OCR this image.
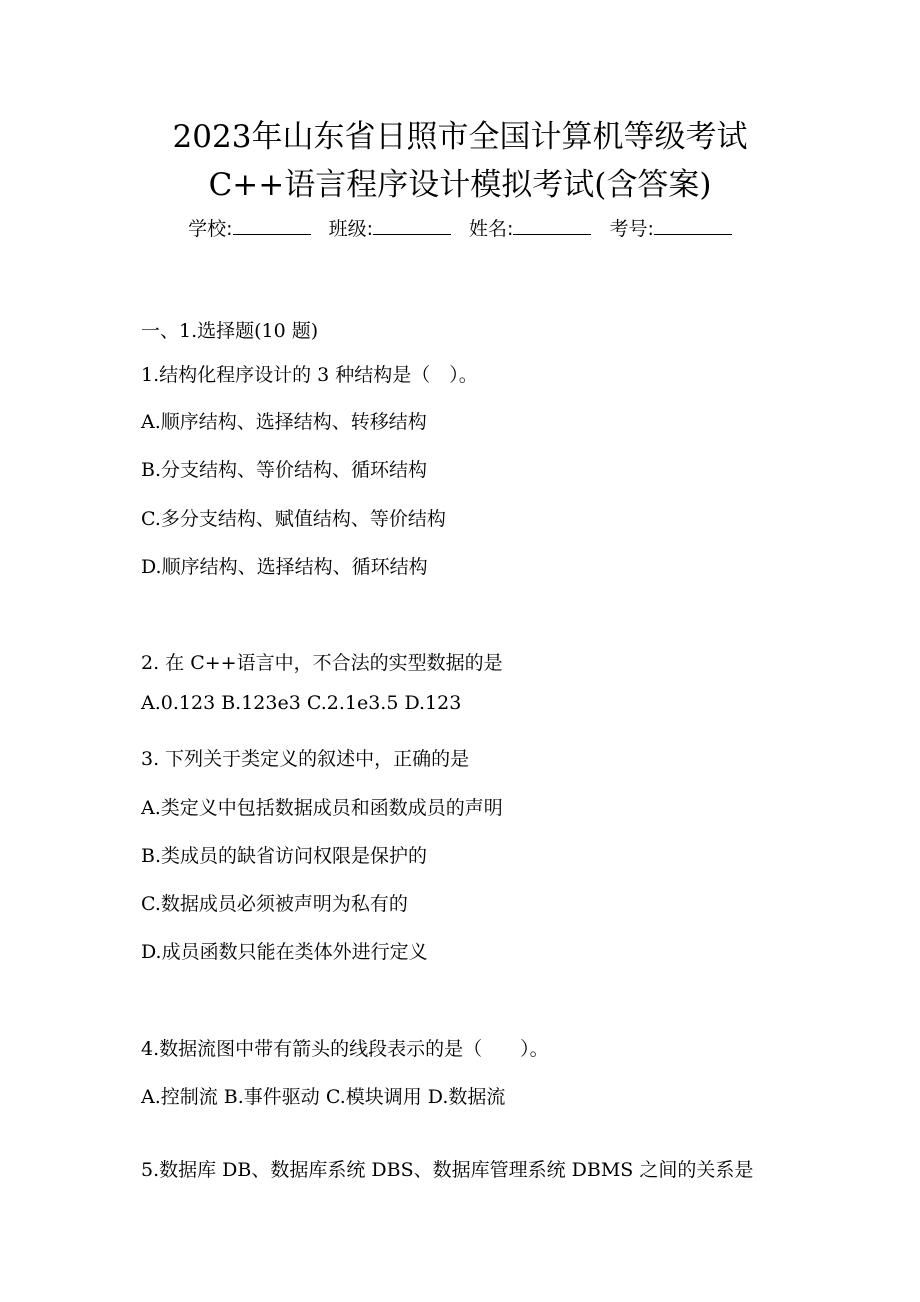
2023年山东省日照市全国计算机等级考试
C++语言程序设计模拟考试(含答案)
学校:	班级:	姓名:	考号:
一、1.选择题(10 题)
1.结构化程序设计的 3 种结构是（　）。
A.顺序结构、选择结构、转移结构
B.分支结构、等价结构、循环结构
C.多分支结构、赋值结构、等价结构
D.顺序结构、选择结构、循环结构
2. 在 C++语言中，不合法的实型数据的是
A.0.123 B.123e3 C.2.1e3.5 D.123
3. 下列关于类定义的叙述中，正确的是
A.类定义中包括数据成员和函数成员的声明
B.类成员的缺省访问权限是保护的
C.数据成员必须被声明为私有的
D.成员函数只能在类体外进行定义
4.数据流图中带有箭头的线段表示的是（　　）。
A.控制流 B.事件驱动 C.模块调用 D.数据流
5.数据库 DB、数据库系统 DBS、数据库管理系统 DBMS 之间的关系是
